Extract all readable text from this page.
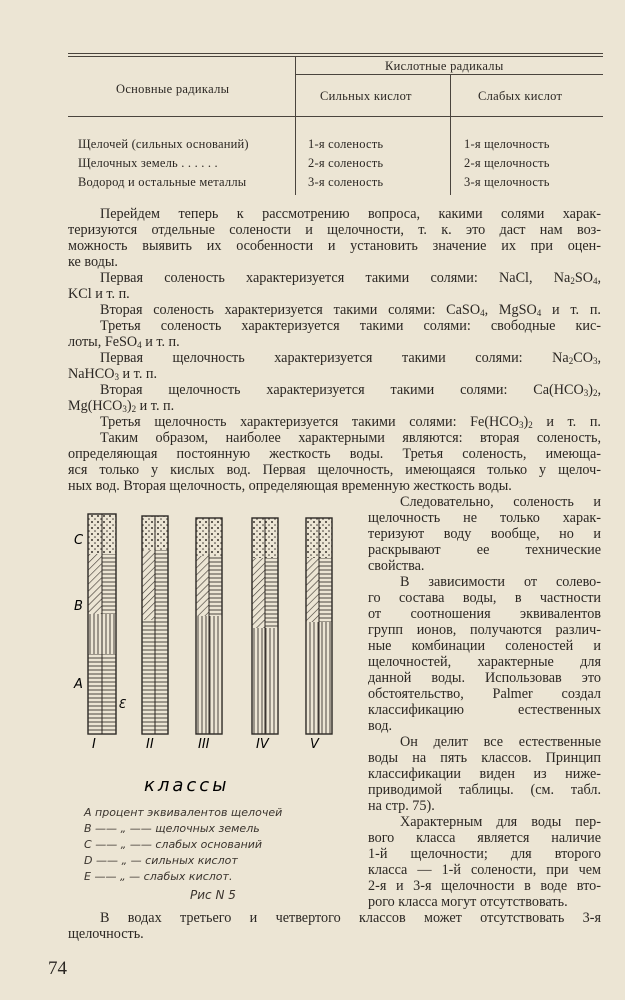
Основные радикалы
Кислотные радикалы
Сильных кислот	Слабых кислот
Щелочей (сильных оснований)	1-я соленость	1-я щелочность
Щелочных земель . . . . . .	2-я соленость	2-я щелочность
Водород и остальные металлы	3-я соленость	3-я щелочность
Перейдем теперь к рассмотрению вопроса, какими солями харак-
теризуются отдельные солености и щелочности, т. к. это даст нам воз-
можность выявить их особенности и установить значение их при оцен-
ке воды.
Первая соленость характеризуется такими солями: NaCl, $Na_2SO_4$,
KCl и т. п.
Вторая соленость характеризуется такими солями: CaSO$_4$, MgSO$_4$ и т. п.
Третья соленость характеризуется такими солями: свободные кис-
лоты, FeSO$_4$ и т. п.
Первая щелочность характеризуется такими солями: $Na_2CO_3$,
NaHCO$_3$ и т. п.
Вторая щелочность характеризуется такими солями: $Ca(HCO_3)_2$,
$Mg(HCO_3)_2$ и т. п.
Третья щелочность характеризуется такими солями: $Fe(HCO_3)_2$ и т. п.
Таким образом, наиболее характерными являются: вторая соленость,
определяющая постоянную жесткость воды. Третья соленость, имеюща-
яся только у кислых вод. Первая щелочность, имеющаяся только у щелоч-
ных вод. Вторая щелочность, определяющая временную жесткость воды.
Следовательно, соленость и
щелочность не только харак-
теризуют воду вообще, но и
раскрывают ее технические
свойства.
В зависимости от солево-
го состава воды, в частности
от соотношения эквивалентов
групп ионов, получаются различ-
ные комбинации соленостей и
щелочностей, характерные для
данной воды. Использовав это
обстоятельство, Palmer создал
классификацию естественных
вод.
Он делит все естественные
воды на пять классов. Принцип
классификации виден из ниже-
приводимой таблицы. (см. табл.
на стр. 75).
Характерным для воды пер-
вого класса является наличие
1-й щелочности; для второго
класса — 1-й солености, при чем
2-я и 3-я щелочности в воде вто-
рого класса могут отсутствовать.
В водах третьего и четвертого классов может отсутствовать 3-я
щелочность.
C
B
A
Ɛ
I	II	III	IV	V
классы
A процент эквивалентов щелочей
B —— „ —— щелочных земель
C —— „ —— слабых оснований
D —— „ — сильных кислот
E —— „ — слабых кислот.
Рис N 5
74
